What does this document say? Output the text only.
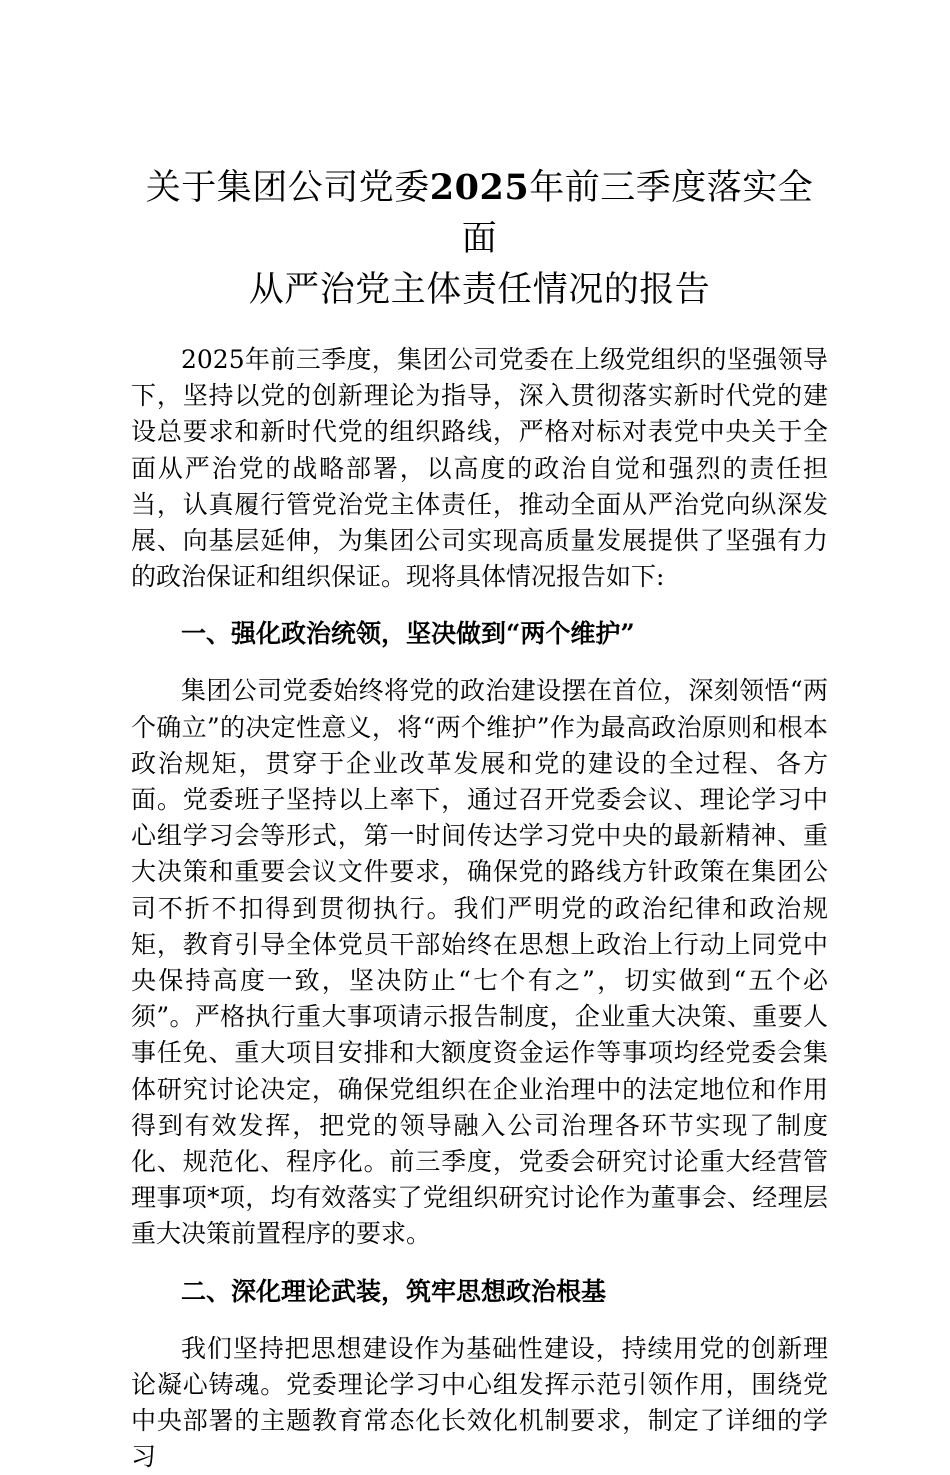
关于集团公司党委2025年前三季度落实全面
从严治党主体责任情况的报告

2025年前三季度，集团公司党委在上级党组织的坚强领导下，坚持以党的创新理论为指导，深入贯彻落实新时代党的建设总要求和新时代党的组织路线，严格对标对表党中央关于全面从严治党的战略部署，以高度的政治自觉和强烈的责任担当，认真履行管党治党主体责任，推动全面从严治党向纵深发展、向基层延伸，为集团公司实现高质量发展提供了坚强有力的政治保证和组织保证。现将具体情况报告如下:

一、强化政治统领，坚决做到“两个维护”

集团公司党委始终将党的政治建设摆在首位，深刻领悟“两个确立”的决定性意义，将“两个维护”作为最高政治原则和根本政治规矩，贯穿于企业改革发展和党的建设的全过程、各方面。党委班子坚持以上率下，通过召开党委会议、理论学习中心组学习会等形式，第一时间传达学习党中央的最新精神、重大决策和重要会议文件要求，确保党的路线方针政策在集团公司不折不扣得到贯彻执行。我们严明党的政治纪律和政治规矩，教育引导全体党员干部始终在思想上政治上行动上同党中央保持高度一致，坚决防止“七个有之”，切实做到“五个必须”。严格执行重大事项请示报告制度，企业重大决策、重要人事任免、重大项目安排和大额度资金运作等事项均经党委会集体研究讨论决定，确保党组织在企业治理中的法定地位和作用得到有效发挥，把党的领导融入公司治理各环节实现了制度化、规范化、程序化。前三季度，党委会研究讨论重大经营管理事项*项，均有效落实了党组织研究讨论作为董事会、经理层重大决策前置程序的要求。

二、深化理论武装，筑牢思想政治根基

我们坚持把思想建设作为基础性建设，持续用党的创新理论凝心铸魂。党委理论学习中心组发挥示范引领作用，围绕党中央部署的主题教育常态化长效化机制要求，制定了详细的学习
